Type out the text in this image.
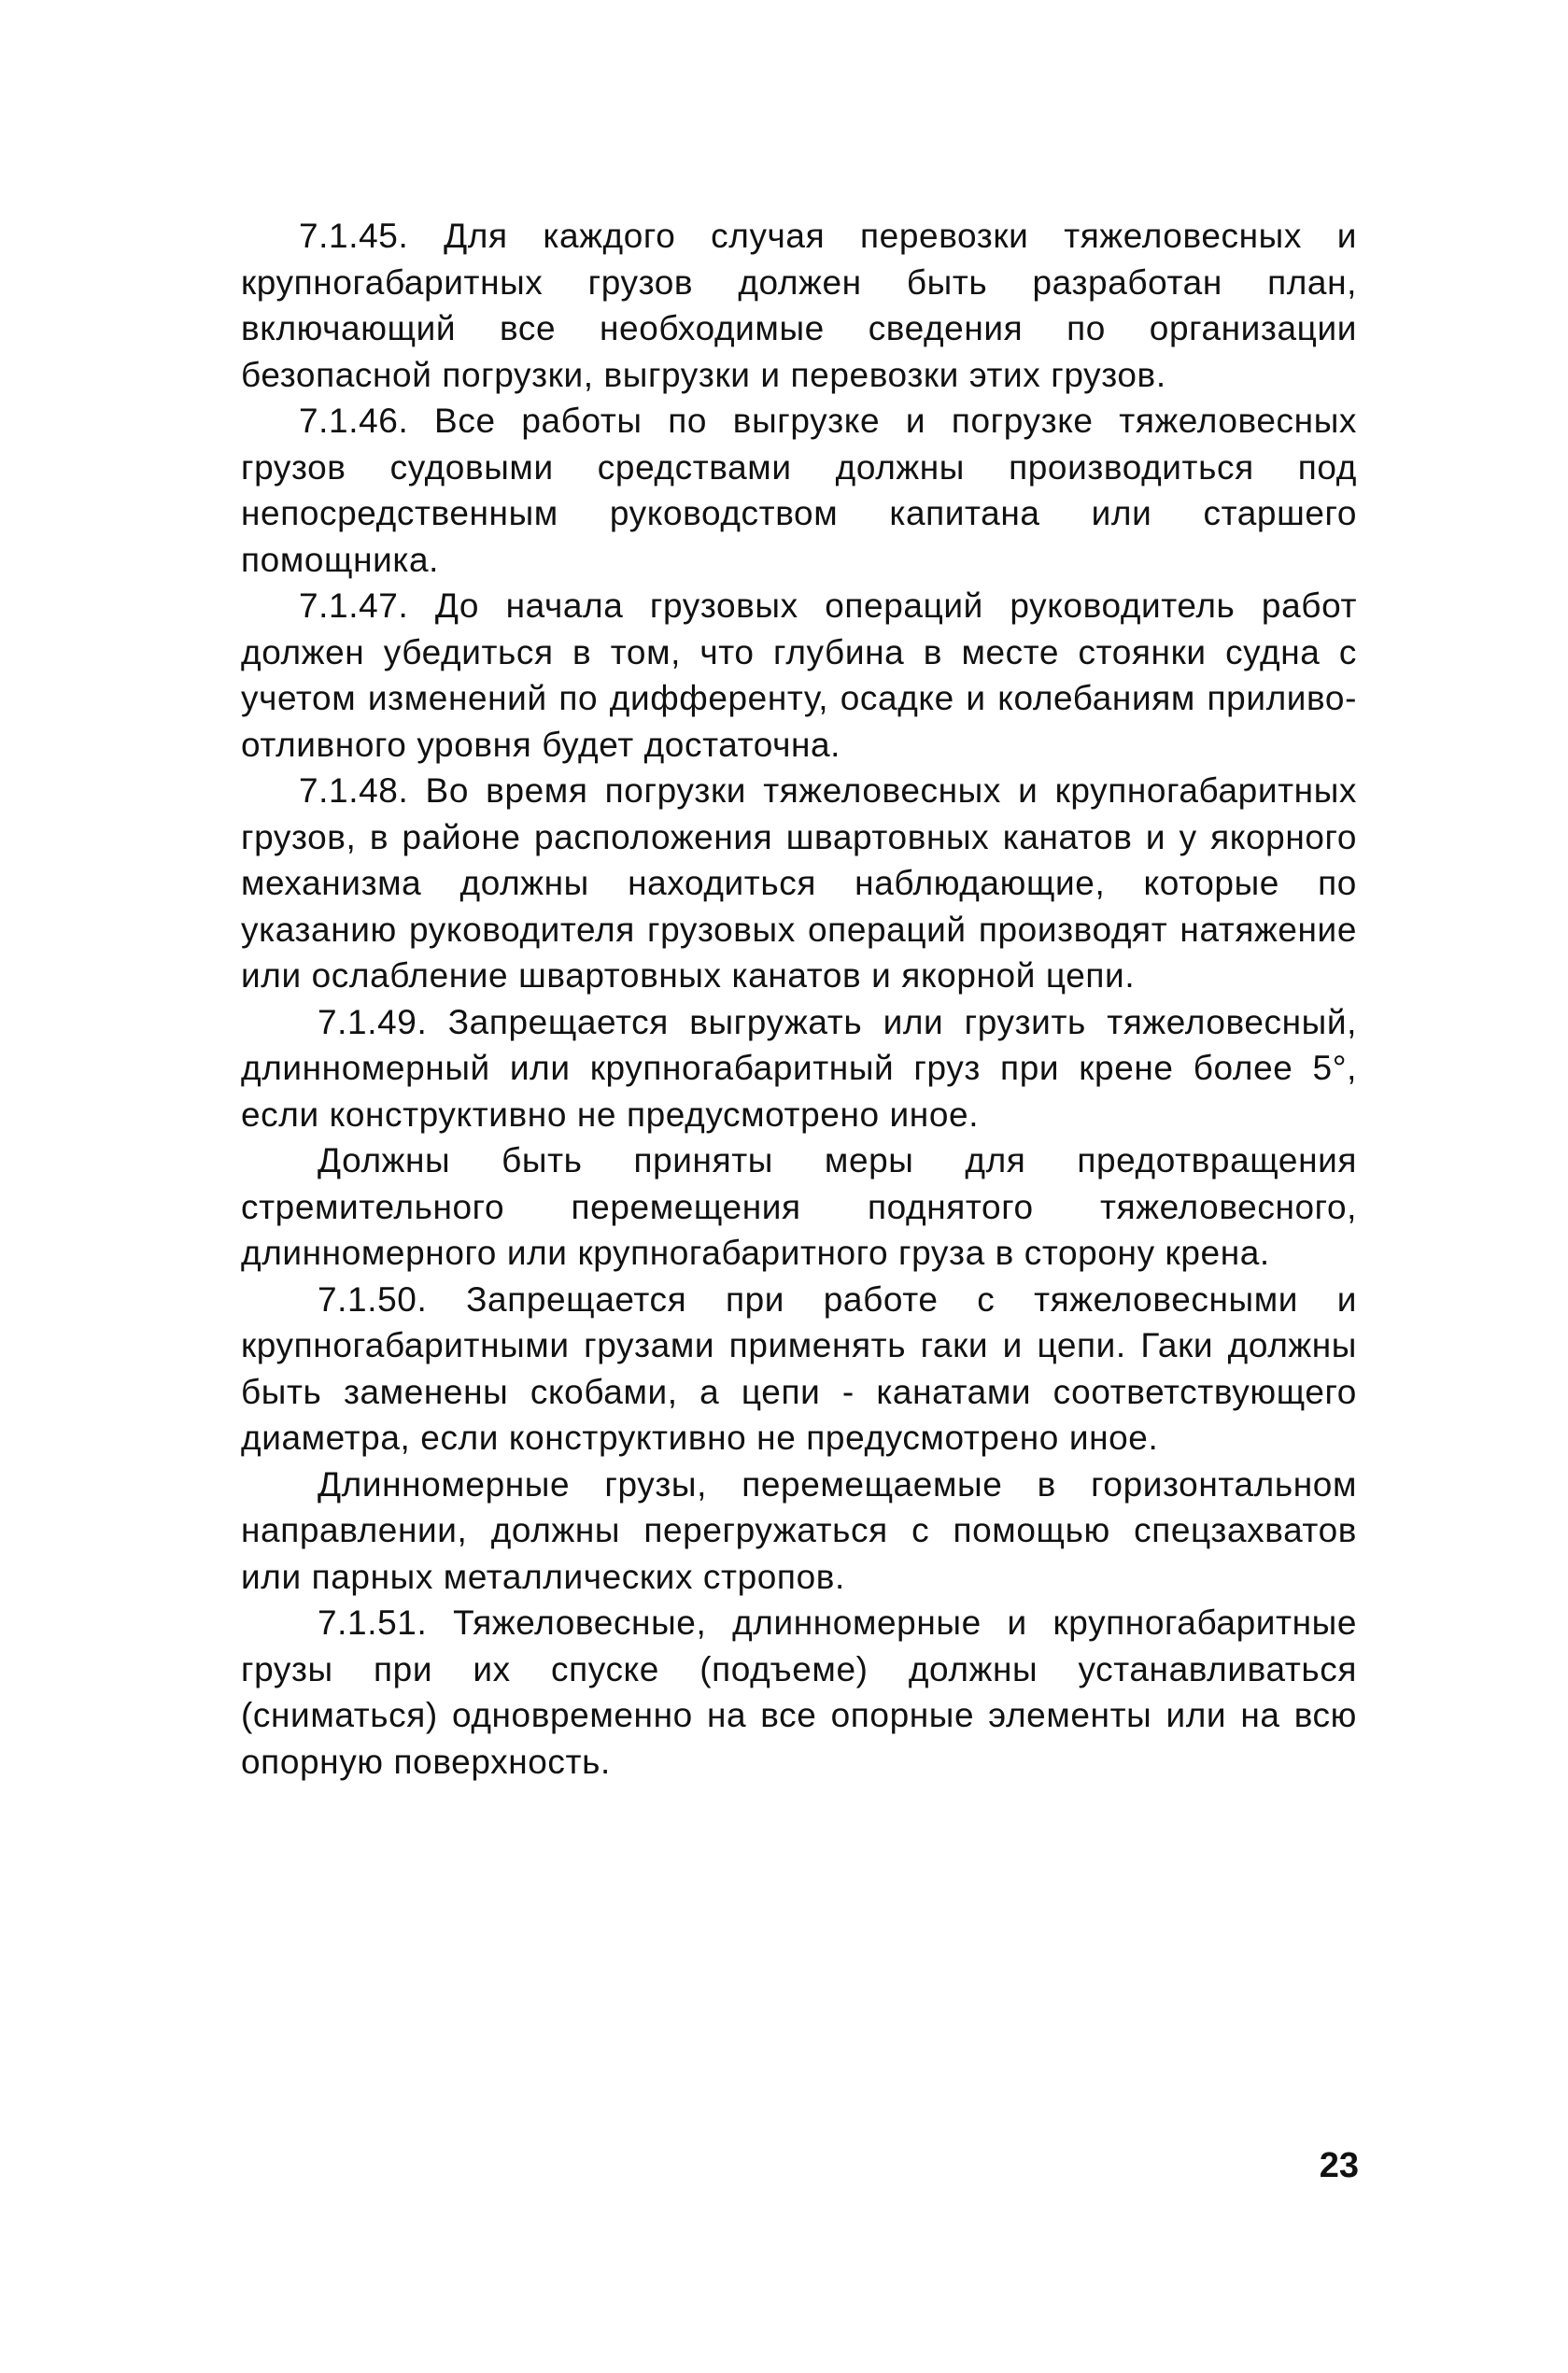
7.1.45. Для каждого случая перевозки тяжеловесных и крупногабаритных грузов должен быть разработан план, включающий все необходимые сведения по организации безопасной погрузки, выгрузки и перевозки этих грузов.

7.1.46. Все работы по выгрузке и погрузке тяжеловесных грузов судовыми средствами должны производиться под непосредственным руководством капитана или старшего помощника.

7.1.47. До начала грузовых операций руководитель работ должен убедиться в том, что глубина в месте стоянки судна с учетом изменений по дифференту, осадке и колебаниям приливо-отливного уровня будет достаточна.

7.1.48. Во время погрузки тяжеловесных и крупногабаритных грузов, в районе расположения швартовных канатов и у якорного механизма должны находиться наблюдающие, которые по указанию руководителя грузовых операций производят натяжение или ослабление швартовных канатов и якорной цепи.

7.1.49. Запрещается выгружать или грузить тяжеловесный, длинномерный или крупногабаритный груз при крене более 5°, если конструктивно не предусмотрено иное.

Должны быть приняты меры для предотвращения стремительного перемещения поднятого тяжеловесного, длинномерного или крупногабаритного груза в сторону крена.

7.1.50. Запрещается при работе с тяжеловесными и крупногабаритными грузами применять гаки и цепи. Гаки должны быть заменены скобами, а цепи - канатами соответствующего диаметра, если конструктивно не предусмотрено иное.

Длинномерные грузы, перемещаемые в горизонтальном направлении, должны перегружаться с помощью спецзахватов или парных металлических стропов.

7.1.51. Тяжеловесные, длинномерные и крупногабаритные грузы при их спуске (подъеме) должны устанавливаться (сниматься) одновременно на все опорные элементы или на всю опорную поверхность.

23
